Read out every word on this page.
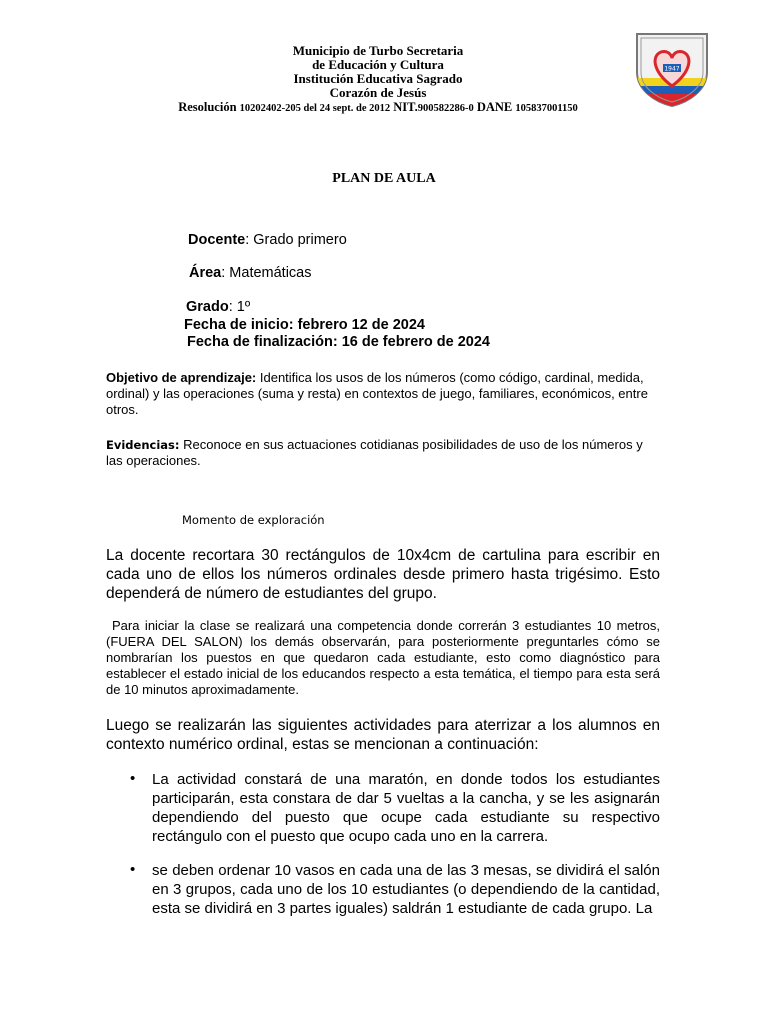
Municipio de Turbo Secretaria
de Educación y Cultura
Institución Educativa Sagrado
Corazón de Jesús
Resolución 10202402-205 del 24 sept. de 2012 NIT.900582286-0 DANE 105837001150
1947
PLAN DE AULA
Docente: Grado primero
Área: Matemáticas
Grado: 1º
Fecha de inicio: febrero 12 de 2024
Fecha de finalización: 16 de febrero de 2024
Objetivo de aprendizaje: Identifica los usos de los números (como código, cardinal, medida, ordinal) y las operaciones (suma y resta) en contextos de juego, familiares, económicos, entre otros.
Evidencias: Reconoce en sus actuaciones cotidianas posibilidades de uso de los números y las operaciones.
Momento de exploración
La docente recortara 30 rectángulos de 10x4cm de cartulina para escribir en cada uno de ellos los números ordinales desde primero hasta trigésimo. Esto dependerá de número de estudiantes del grupo.
Para iniciar la clase se realizará una competencia donde correrán 3 estudiantes 10 metros, (FUERA DEL SALON) los demás observarán, para posteriormente preguntarles cómo se nombrarían los puestos en que quedaron cada estudiante, esto como diagnóstico para establecer el estado inicial de los educandos respecto a esta temática, el tiempo para esta será de 10 minutos aproximadamente.
Luego se realizarán las siguientes actividades para aterrizar a los alumnos en contexto numérico ordinal, estas se mencionan a continuación:
• La actividad constará de una maratón, en donde todos los estudiantes participarán, esta constara de dar 5 vueltas a la cancha, y se les asignarán dependiendo del puesto que ocupe cada estudiante su respectivo rectángulo con el puesto que ocupo cada uno en la carrera.
• se deben ordenar 10 vasos en cada una de las 3 mesas, se dividirá el salón en 3 grupos, cada uno de los 10 estudiantes (o dependiendo de la cantidad, esta se dividirá en 3 partes iguales) saldrán 1 estudiante de cada grupo. La
